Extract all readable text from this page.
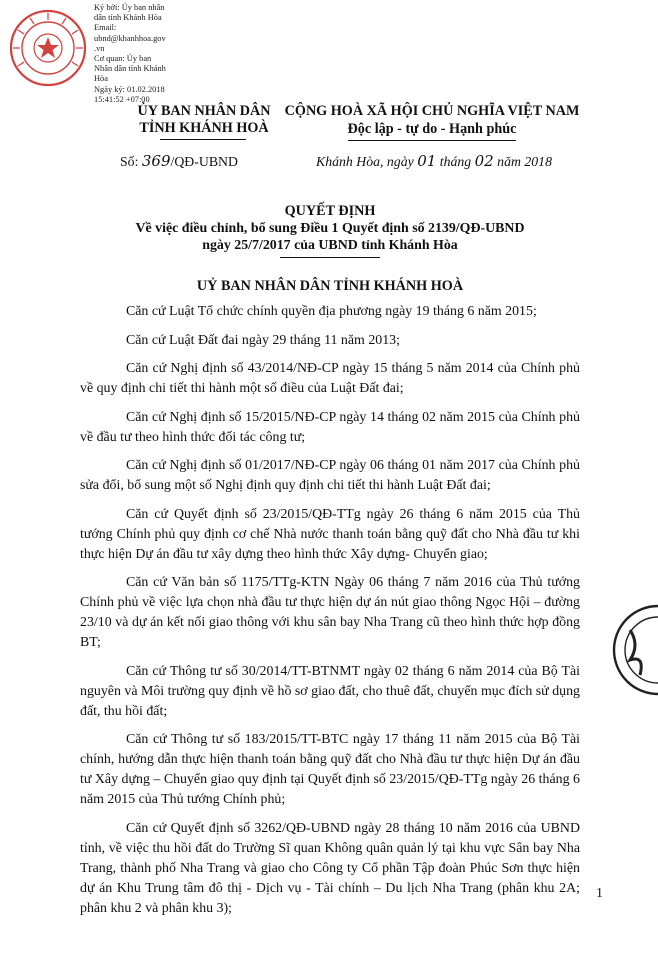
Ký bởi: Ủy ban nhân
dân tỉnh Khánh Hòa
Email:
ubnd@khanhhoa.gov
.vn
Cơ quan: Ủy ban
Nhân dân tỉnh Khánh
Hòa
Ngày ký: 01.02.2018
15:41:52 +07:00
ỦY BAN NHÂN DÂN
TỈNH KHÁNH HOÀ
CỘNG HOÀ XÃ HỘI CHỦ NGHĨA VIỆT NAM
Độc lập - tự do - Hạnh phúc
Số: 369/QĐ-UBND	Khánh Hòa, ngày 01 tháng 02 năm 2018
QUYẾT ĐỊNH
Về việc điều chỉnh, bổ sung Điều 1 Quyết định số 2139/QĐ-UBND
ngày 25/7/2017 của UBND tỉnh Khánh Hòa
UỶ BAN NHÂN DÂN TỈNH KHÁNH HOÀ

Căn cứ Luật Tổ chức chính quyền địa phương ngày 19 tháng 6 năm 2015;

Căn cứ Luật Đất đai ngày 29 tháng 11 năm 2013;

Căn cứ Nghị định số 43/2014/NĐ-CP ngày 15 tháng 5 năm 2014 của Chính phủ về quy định chi tiết thi hành một số điều của Luật Đất đai;

Căn cứ Nghị định số 15/2015/NĐ-CP ngày 14 tháng 02 năm 2015 của Chính phủ về đầu tư theo hình thức đối tác công tư;

Căn cứ Nghị định số 01/2017/NĐ-CP ngày 06 tháng 01 năm 2017 của Chính phủ sửa đổi, bổ sung một số Nghị định quy định chi tiết thi hành Luật Đất đai;

Căn cứ Quyết định số 23/2015/QĐ-TTg ngày 26 tháng 6 năm 2015 của Thủ tướng Chính phủ quy định cơ chế Nhà nước thanh toán bằng quỹ đất cho Nhà đầu tư khi thực hiện Dự án đầu tư xây dựng theo hình thức Xây dựng- Chuyển giao;

Căn cứ Văn bản số 1175/TTg-KTN Ngày 06 tháng 7 năm 2016 của Thủ tướng Chính phủ về việc lựa chọn nhà đầu tư thực hiện dự án nút giao thông Ngọc Hội – đường 23/10 và dự án kết nối giao thông với khu sân bay Nha Trang cũ theo hình thức hợp đồng BT;

Căn cứ Thông tư số 30/2014/TT-BTNMT ngày 02 tháng 6 năm 2014 của Bộ Tài nguyên và Môi trường quy định về hồ sơ giao đất, cho thuê đất, chuyển mục đích sử dụng đất, thu hồi đất;

Căn cứ Thông tư số 183/2015/TT-BTC ngày 17 tháng 11 năm 2015 của Bộ Tài chính, hướng dẫn thực hiện thanh toán bằng quỹ đất cho Nhà đầu tư thực hiện Dự án đầu tư Xây dựng – Chuyển giao quy định tại Quyết định số 23/2015/QĐ-TTg ngày 26 tháng 6 năm 2015 của Thủ tướng Chính phủ;

Căn cứ Quyết định số 3262/QĐ-UBND ngày 28 tháng 10 năm 2016 của UBND tỉnh, về việc thu hồi đất do Trường Sĩ quan Không quân quản lý tại khu vực Sân bay Nha Trang, thành phố Nha Trang và giao cho Công ty Cổ phần Tập đoàn Phúc Sơn thực hiện dự án Khu Trung tâm đô thị - Dịch vụ - Tài chính – Du lịch Nha Trang (phân khu 2A; phân khu 2 và phân khu 3);

1
